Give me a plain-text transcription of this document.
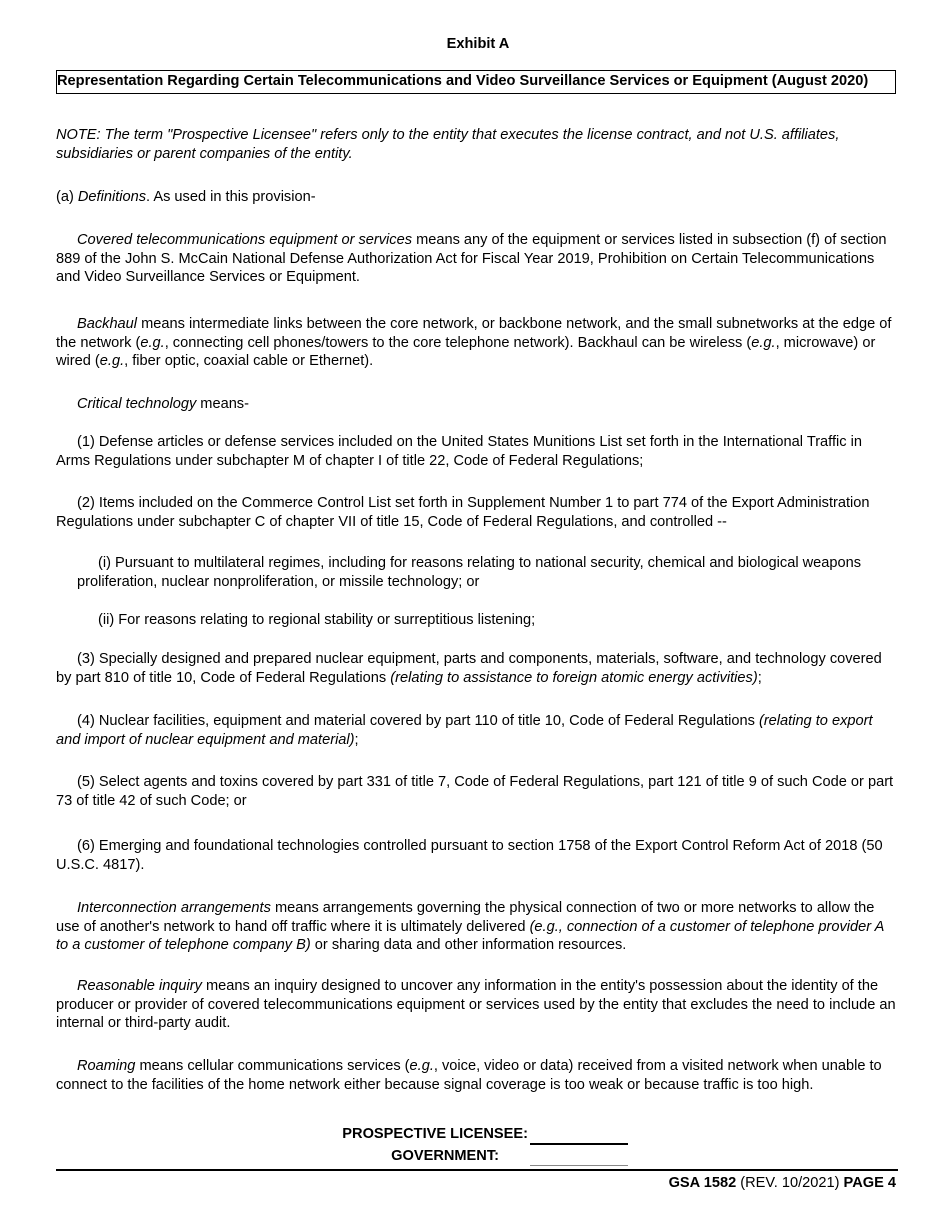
Exhibit A
Representation Regarding Certain Telecommunications and Video Surveillance Services or Equipment (August 2020)
NOTE: The term "Prospective Licensee" refers only to the entity that executes the license contract, and not U.S. affiliates, subsidiaries or parent companies of the entity.

(a) Definitions. As used in this provision-

Covered telecommunications equipment or services means any of the equipment or services listed in subsection (f) of section 889 of the John S. McCain National Defense Authorization Act for Fiscal Year 2019, Prohibition on Certain Telecommunications and Video Surveillance Services or Equipment.

Backhaul means intermediate links between the core network, or backbone network, and the small subnetworks at the edge of the network (e.g., connecting cell phones/towers to the core telephone network). Backhaul can be wireless (e.g., microwave) or wired (e.g., fiber optic, coaxial cable or Ethernet).

Critical technology means-

(1) Defense articles or defense services included on the United States Munitions List set forth in the International Traffic in Arms Regulations under subchapter M of chapter I of title 22, Code of Federal Regulations;

(2) Items included on the Commerce Control List set forth in Supplement Number 1 to part 774 of the Export Administration Regulations under subchapter C of chapter VII of title 15, Code of Federal Regulations, and controlled --

(i) Pursuant to multilateral regimes, including for reasons relating to national security, chemical and biological weapons proliferation, nuclear nonproliferation, or missile technology; or

(ii) For reasons relating to regional stability or surreptitious listening;

(3) Specially designed and prepared nuclear equipment, parts and components, materials, software, and technology covered by part 810 of title 10, Code of Federal Regulations (relating to assistance to foreign atomic energy activities);

(4) Nuclear facilities, equipment and material covered by part 110 of title 10, Code of Federal Regulations (relating to export and import of nuclear equipment and material);

(5) Select agents and toxins covered by part 331 of title 7, Code of Federal Regulations, part 121 of title 9 of such Code or part 73 of title 42 of such Code; or

(6) Emerging and foundational technologies controlled pursuant to section 1758 of the Export Control Reform Act of 2018 (50 U.S.C. 4817).

Interconnection arrangements means arrangements governing the physical connection of two or more networks to allow the use of another's network to hand off traffic where it is ultimately delivered (e.g., connection of a customer of telephone provider A to a customer of telephone company B) or sharing data and other information resources.

Reasonable inquiry means an inquiry designed to uncover any information in the entity's possession about the identity of the producer or provider of covered telecommunications equipment or services used by the entity that excludes the need to include an internal or third-party audit.

Roaming means cellular communications services (e.g., voice, video or data) received from a visited network when unable to connect to the facilities of the home network either because signal coverage is too weak or because traffic is too high.

PROSPECTIVE LICENSEE:
GOVERNMENT:
GSA 1582 (REV. 10/2021) PAGE 4
